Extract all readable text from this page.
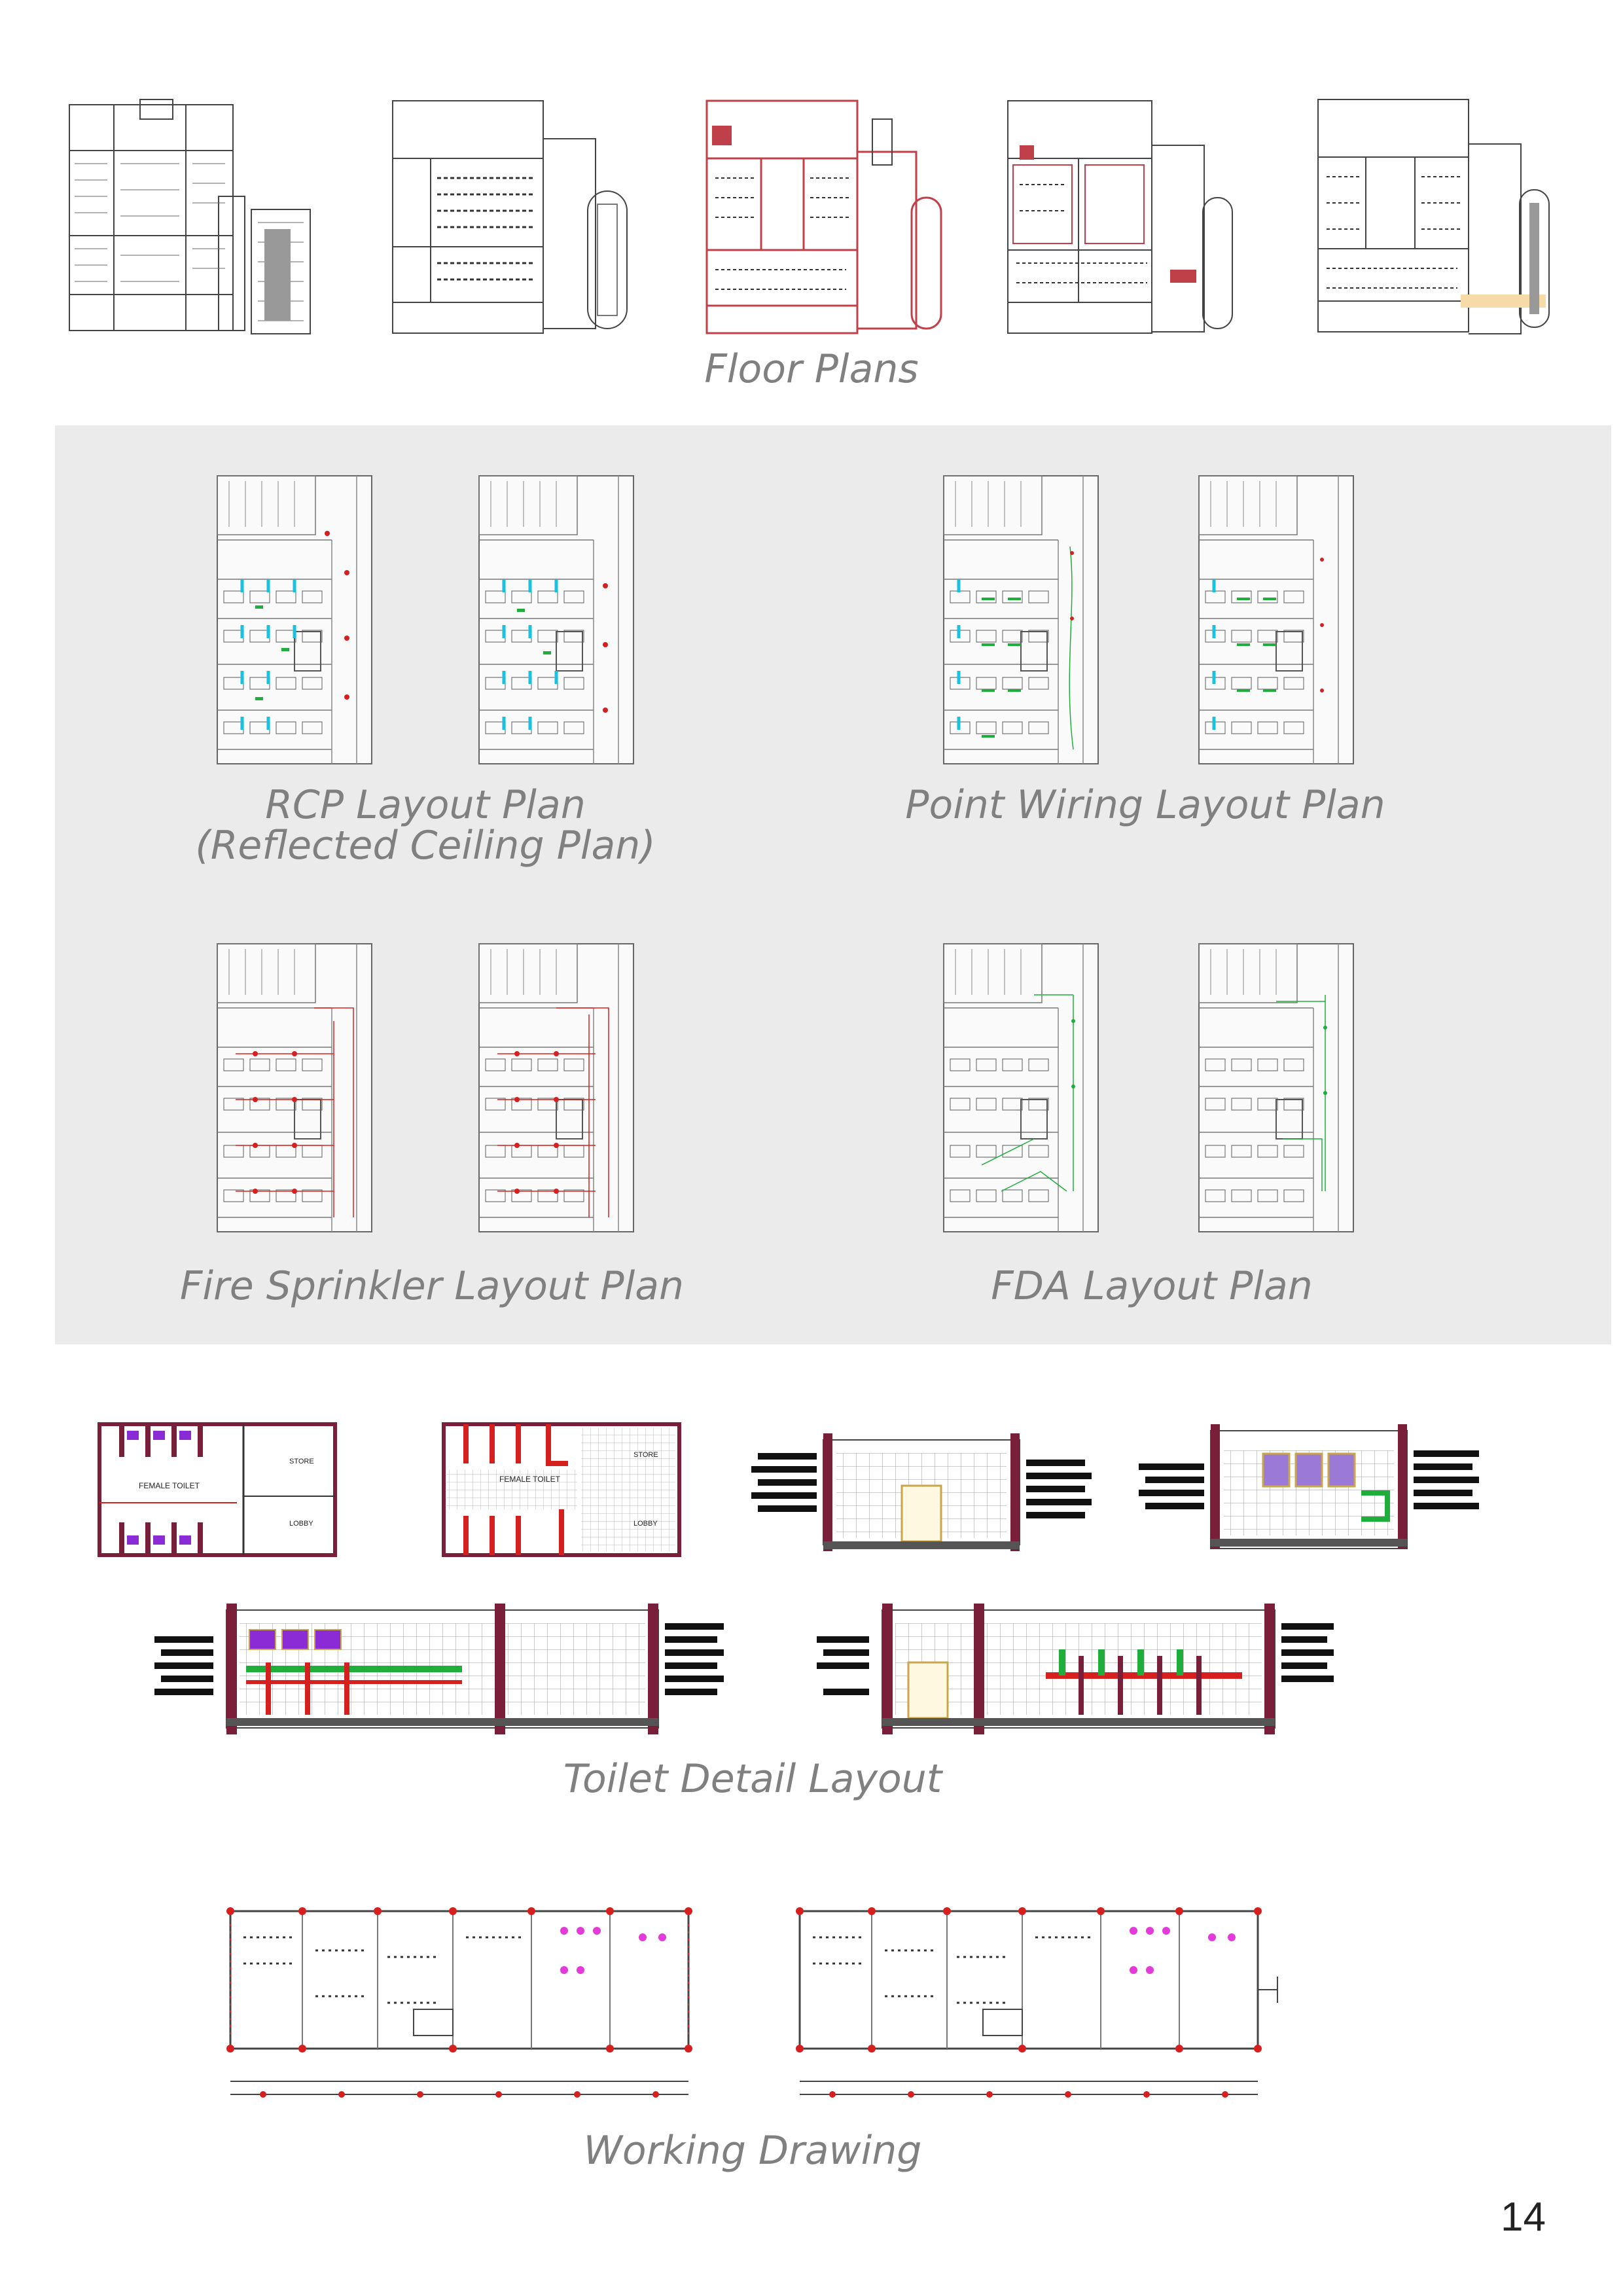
Floor Plans
RCP Layout Plan
(Reflected Ceiling Plan)
Point Wiring Layout Plan
Fire Sprinkler Layout Plan	FDA Layout Plan
FEMALE TOILET
STORE
LOBBY
FEMALE TOILET
STORE
LOBBY
Toilet Detail Layout
Working Drawing
14
